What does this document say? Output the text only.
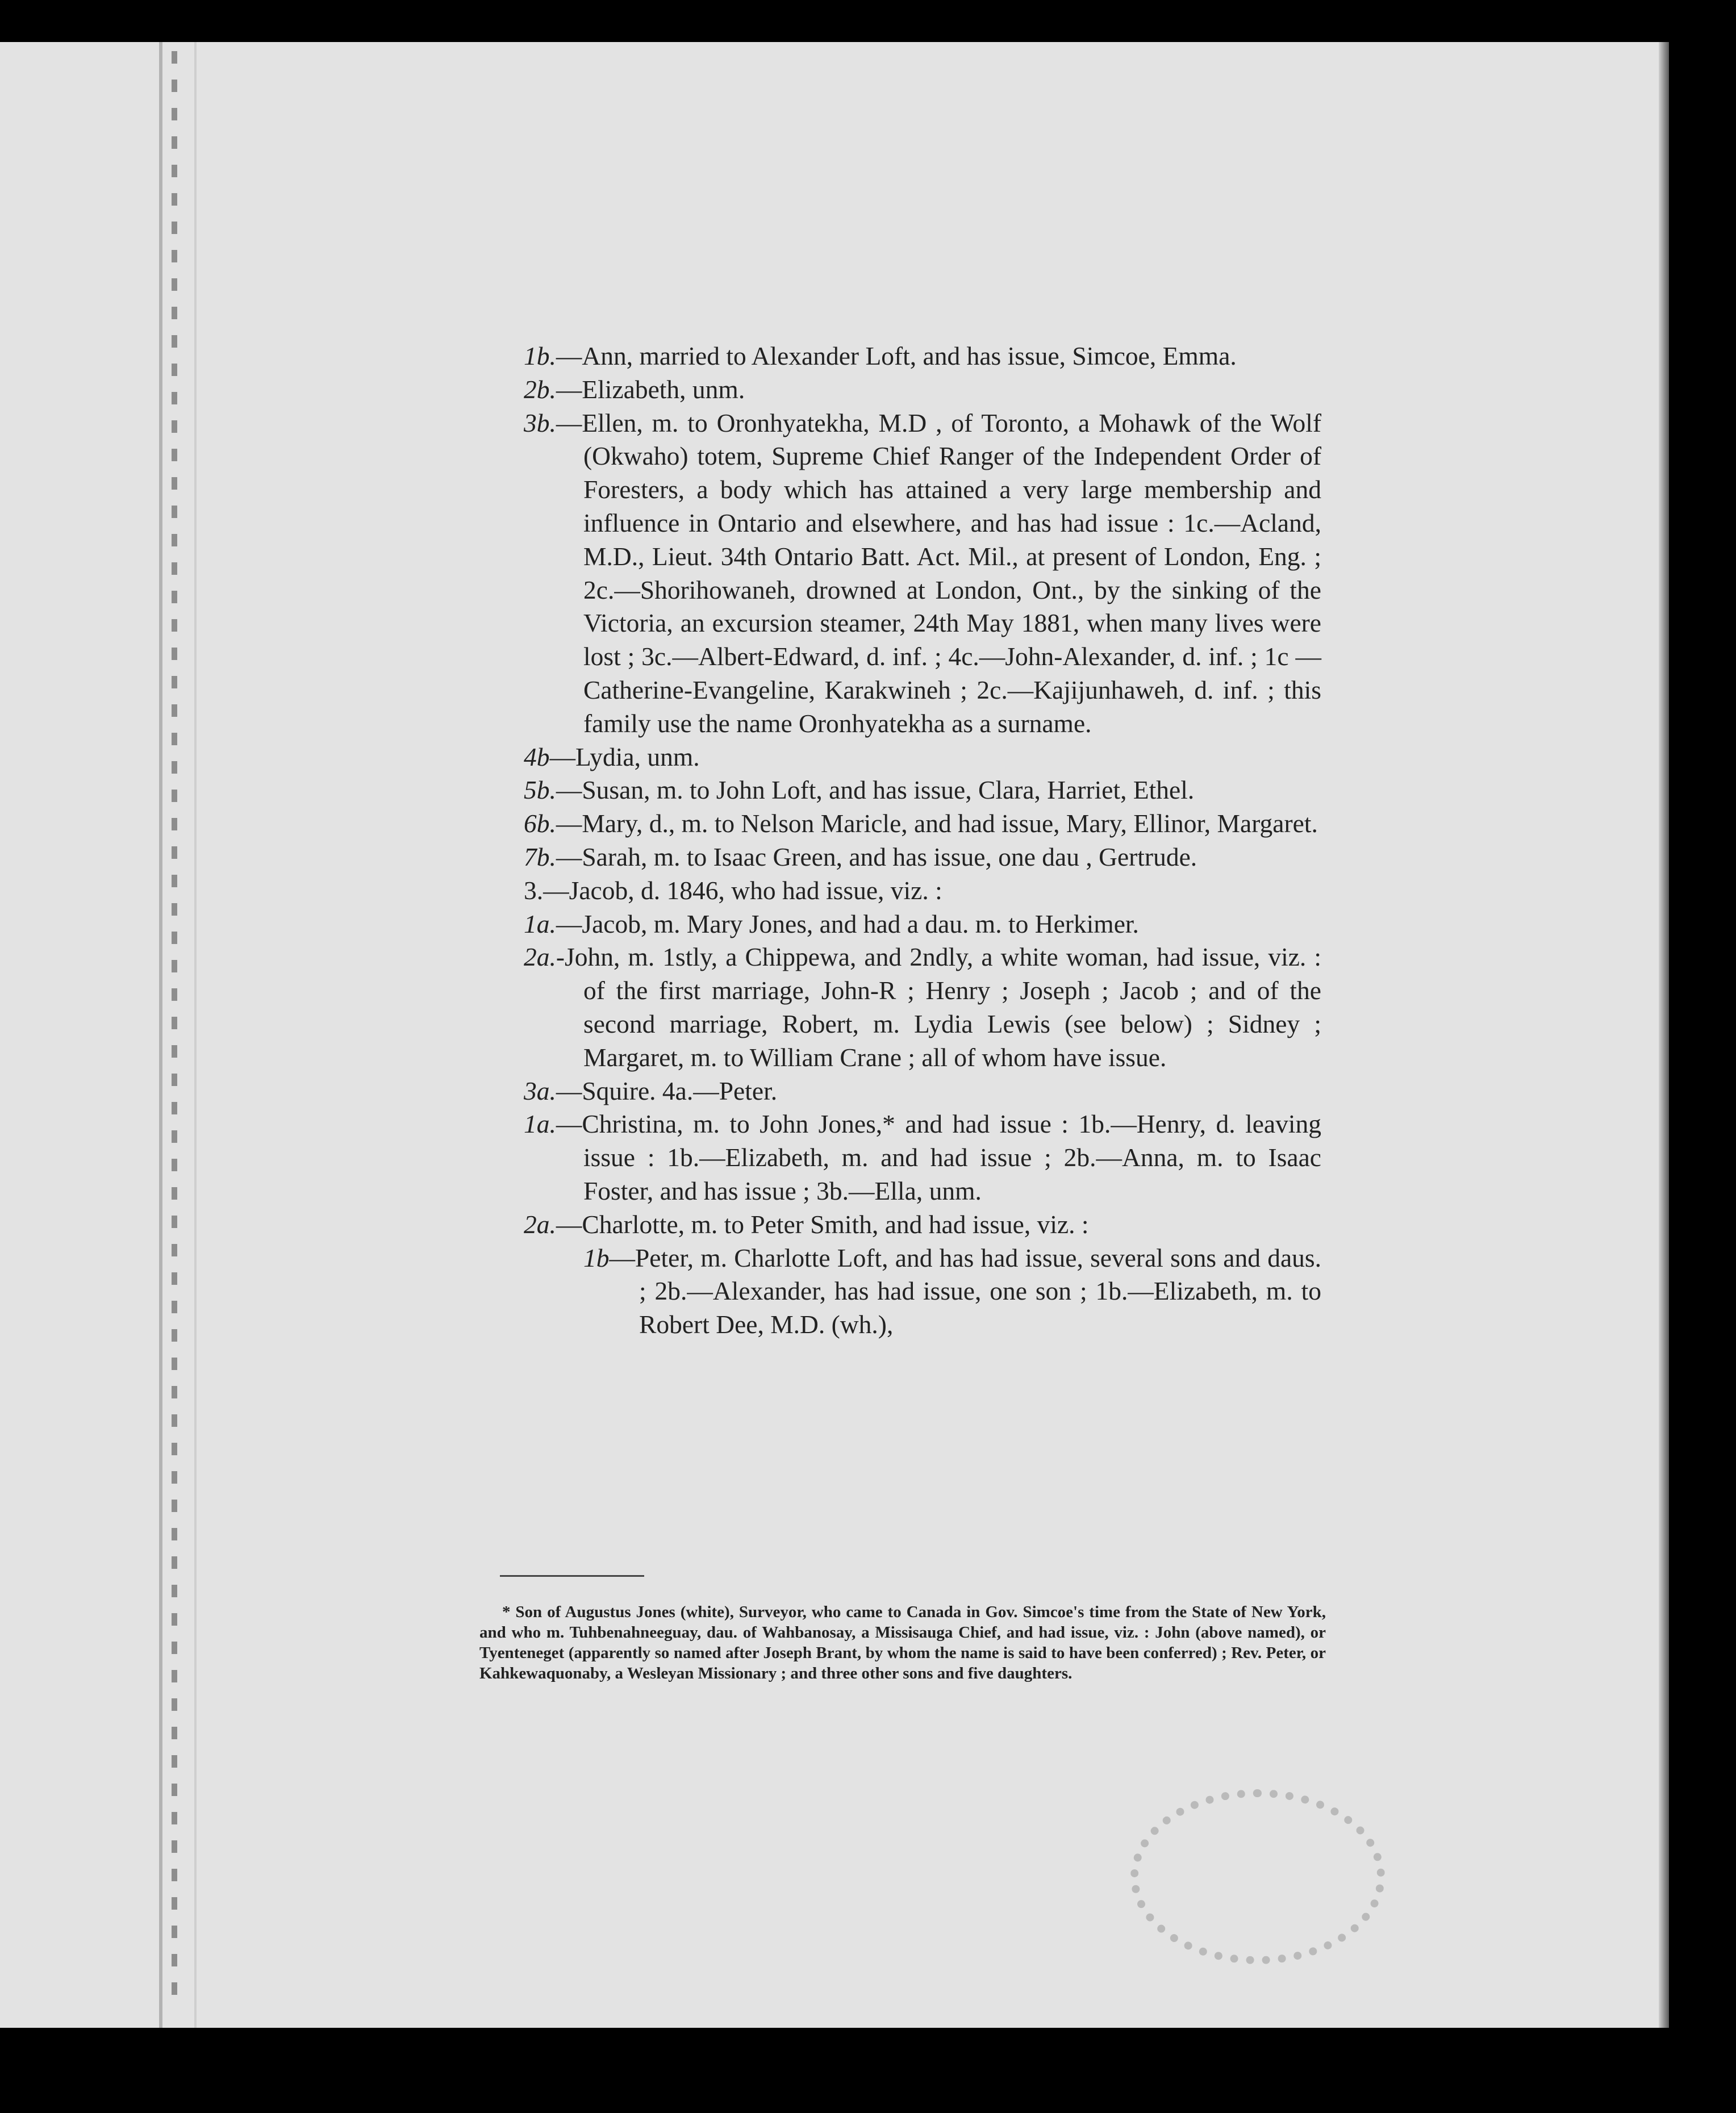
1b.—Ann, married to Alexander Loft, and has issue, Simcoe, Emma.
2b.—Elizabeth, unm.
3b.—Ellen, m. to Oronhyatekha, M.D , of Toronto, a Mohawk of the Wolf (Okwaho) totem, Supreme Chief Ranger of the Independent Order of Foresters, a body which has attained a very large membership and influence in Ontario and elsewhere, and has had issue : 1c.—Acland, M.D., Lieut. 34th Ontario Batt. Act. Mil., at present of London, Eng. ; 2c.—Shorihowaneh, drowned at London, Ont., by the sinking of the Victoria, an excursion steamer, 24th May 1881, when many lives were lost ; 3c.—Albert-Edward, d. inf. ; 4c.—John-Alexander, d. inf. ; 1c —Catherine-Evangeline, Karakwineh ; 2c.—Kajijunhaweh, d. inf. ; this family use the name Oronhyatekha as a surname.
4b—Lydia, unm.
5b.—Susan, m. to John Loft, and has issue, Clara, Harriet, Ethel.
6b.—Mary, d., m. to Nelson Maricle, and had issue, Mary, Ellinor, Margaret.
7b.—Sarah, m. to Isaac Green, and has issue, one dau , Gertrude.
3.—Jacob, d. 1846, who had issue, viz. :
1a.—Jacob, m. Mary Jones, and had a dau. m. to Herkimer.
2a.-John, m. 1stly, a Chippewa, and 2ndly, a white woman, had issue, viz. : of the first marriage, John-R ; Henry ; Joseph ; Jacob ; and of the second marriage, Robert, m. Lydia Lewis (see below) ; Sidney ; Margaret, m. to William Crane ; all of whom have issue.
3a.—Squire. 4a.—Peter.
1a.—Christina, m. to John Jones,* and had issue : 1b.—Henry, d. leaving issue : 1b.—Elizabeth, m. and had issue ; 2b.—Anna, m. to Isaac Foster, and has issue ; 3b.—Ella, unm.
2a.—Charlotte, m. to Peter Smith, and had issue, viz. :
1b—Peter, m. Charlotte Loft, and has had issue, several sons and daus. ; 2b.—Alexander, has had issue, one son ; 1b.—Elizabeth, m. to Robert Dee, M.D. (wh.),
* Son of Augustus Jones (white), Surveyor, who came to Canada in Gov. Simcoe's time from the State of New York, and who m. Tuhbenahneeguay, dau. of Wahbanosay, a Missisauga Chief, and had issue, viz. : John (above named), or Tyenteneget (apparently so named after Joseph Brant, by whom the name is said to have been conferred) ; Rev. Peter, or Kahkewaquonaby, a Wesleyan Missionary ; and three other sons and five daughters.
